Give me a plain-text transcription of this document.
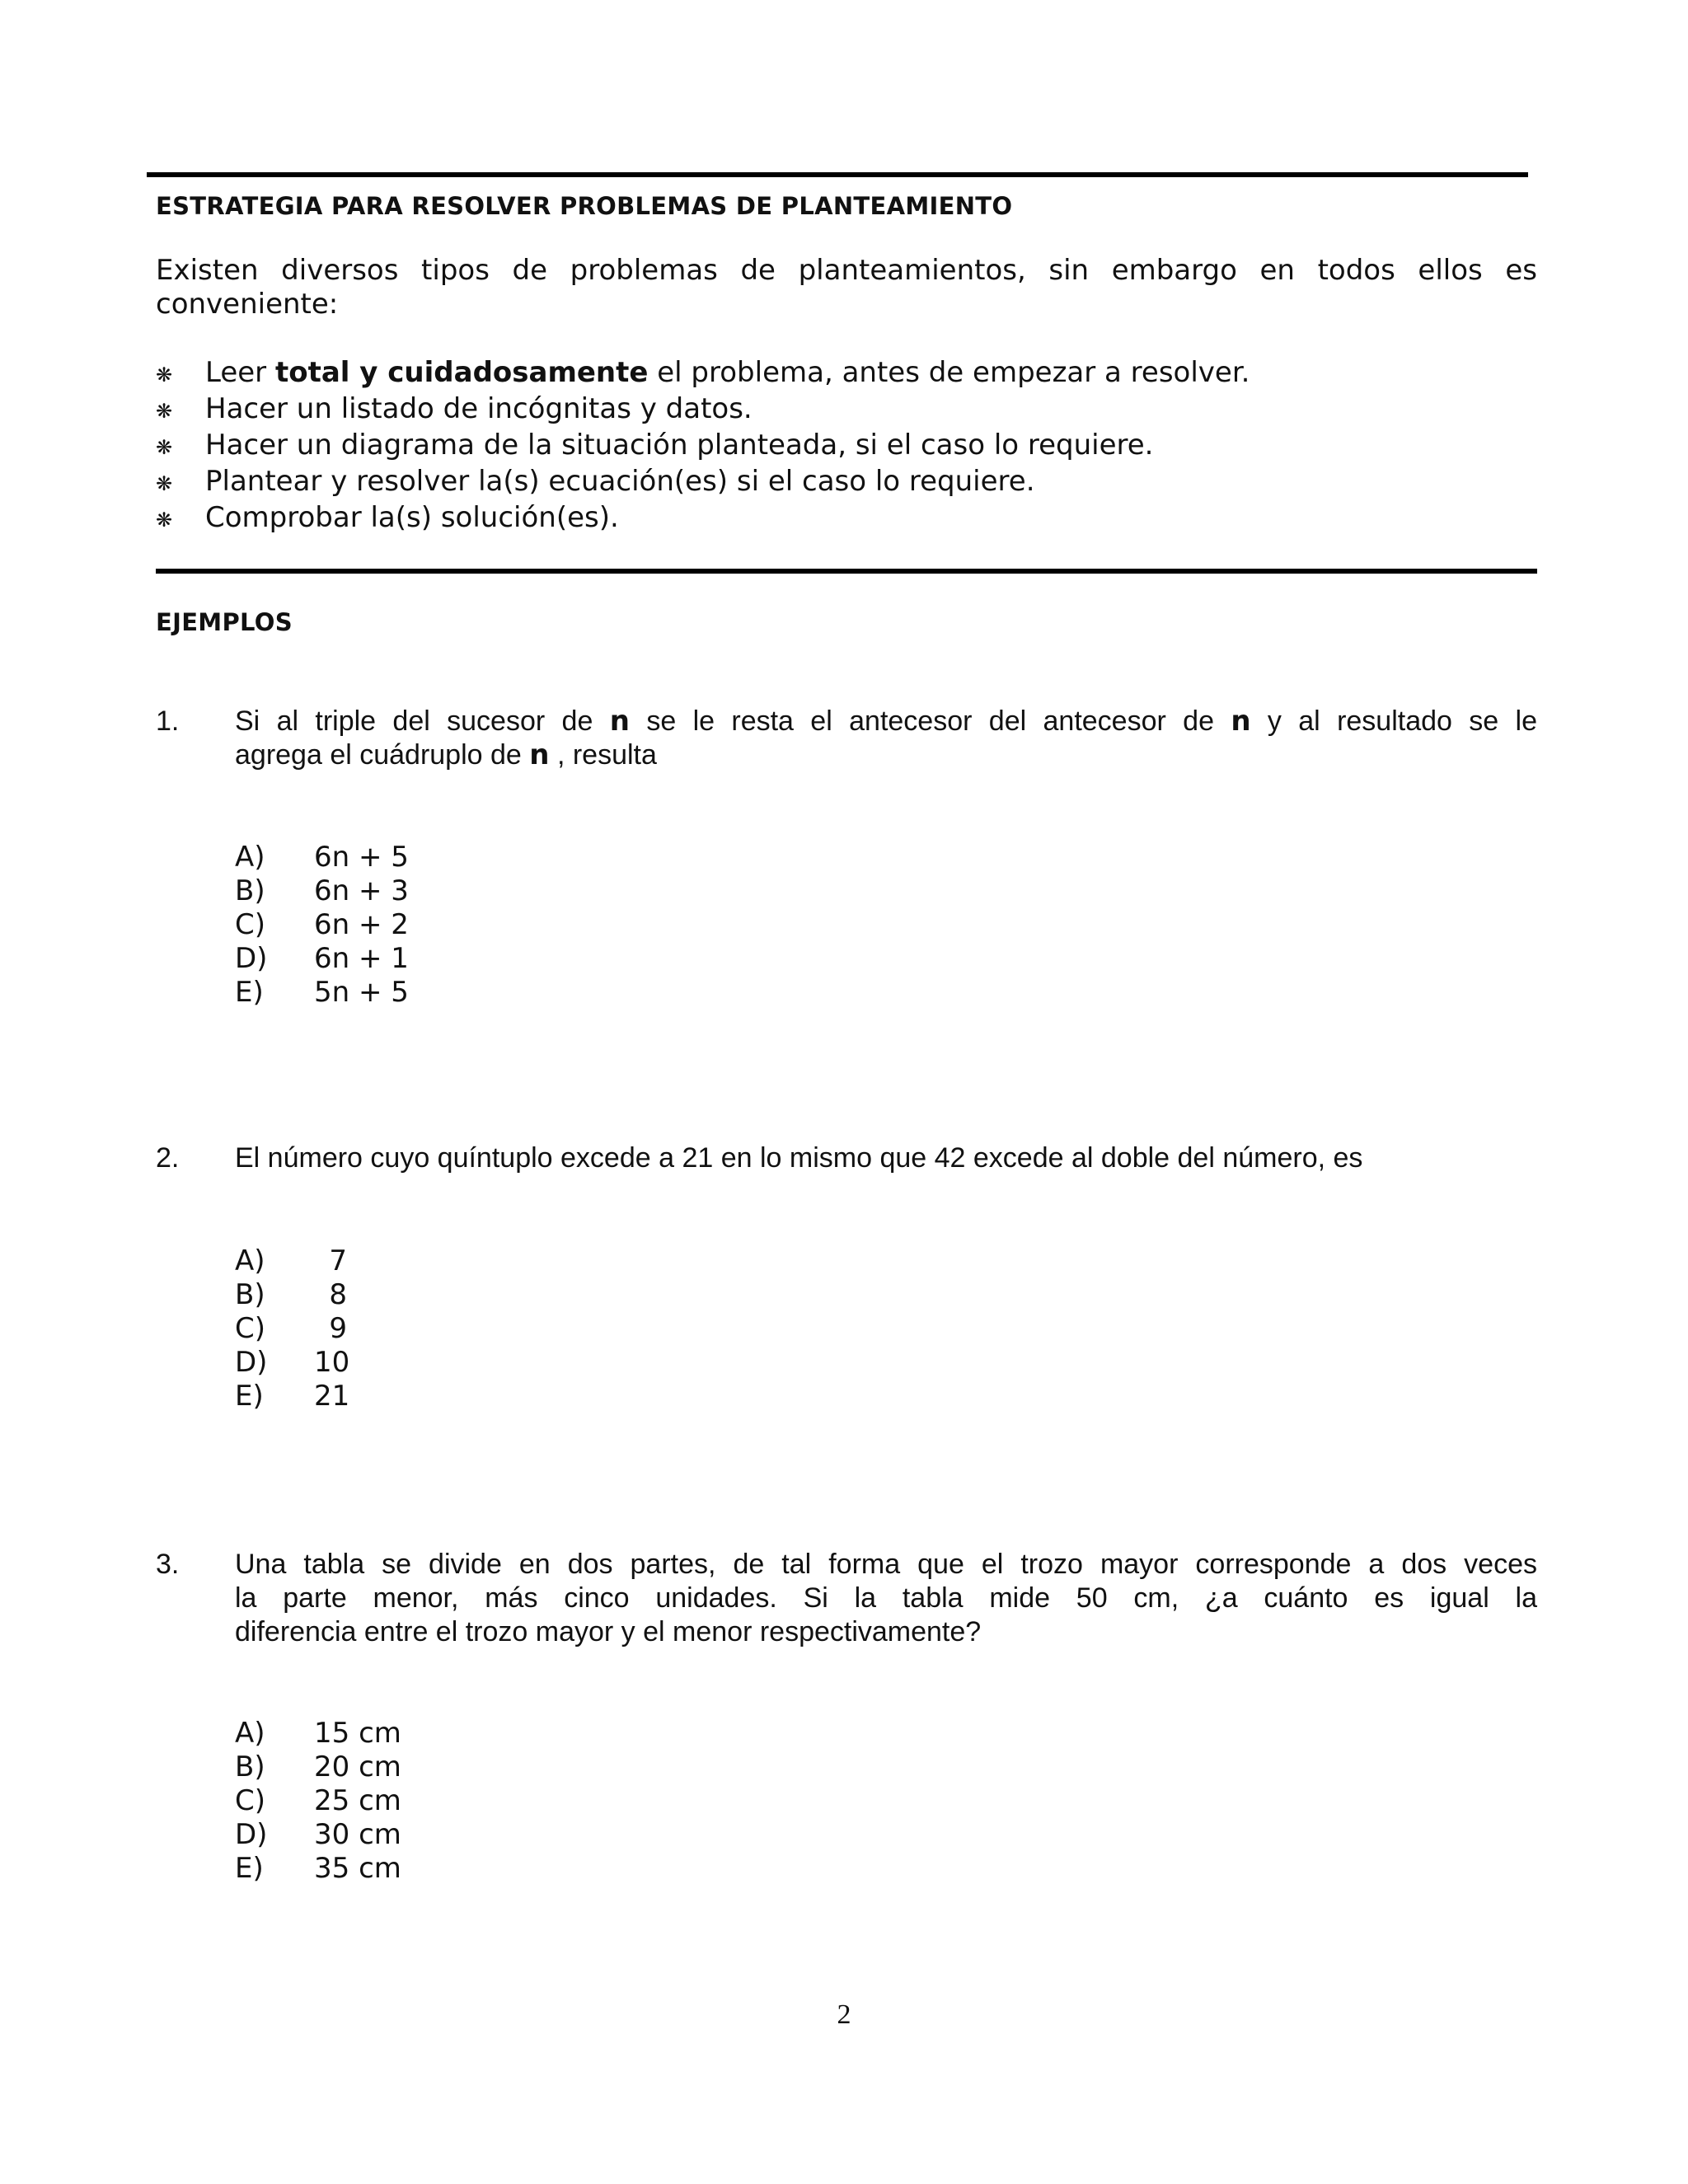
ESTRATEGIA PARA RESOLVER PROBLEMAS DE PLANTEAMIENTO
Existen diversos tipos de problemas de planteamientos, sin embargo en todos ellos es
conveniente:
❋	Leer total y cuidadosamente el problema, antes de empezar a resolver.
❋	Hacer un listado de incógnitas y datos.
❋	Hacer un diagrama de la situación planteada, si el caso lo requiere.
❋	Plantear y resolver la(s) ecuación(es) si el caso lo requiere.
❋	Comprobar la(s) solución(es).
EJEMPLOS
1.	Si al triple del sucesor de n se le resta el antecesor del antecesor de n y al resultado se le
agrega el cuádruplo de n , resulta
A)	6n + 5
B)	6n + 3
C)	6n + 2
D)	6n + 1
E)	5n + 5
2.	El número cuyo quíntuplo excede a 21 en lo mismo que 42 excede al doble del número, es
A)	7
B)	8
C)	9
D)	10
E)	21
3.	Una tabla se divide en dos partes, de tal forma que el trozo mayor corresponde a dos veces
la parte menor, más cinco unidades. Si la tabla mide 50 cm, ¿a cuánto es igual la
diferencia entre el trozo mayor y el menor respectivamente?
A)	15 cm
B)	20 cm
C)	25 cm
D)	30 cm
E)	35 cm
2
